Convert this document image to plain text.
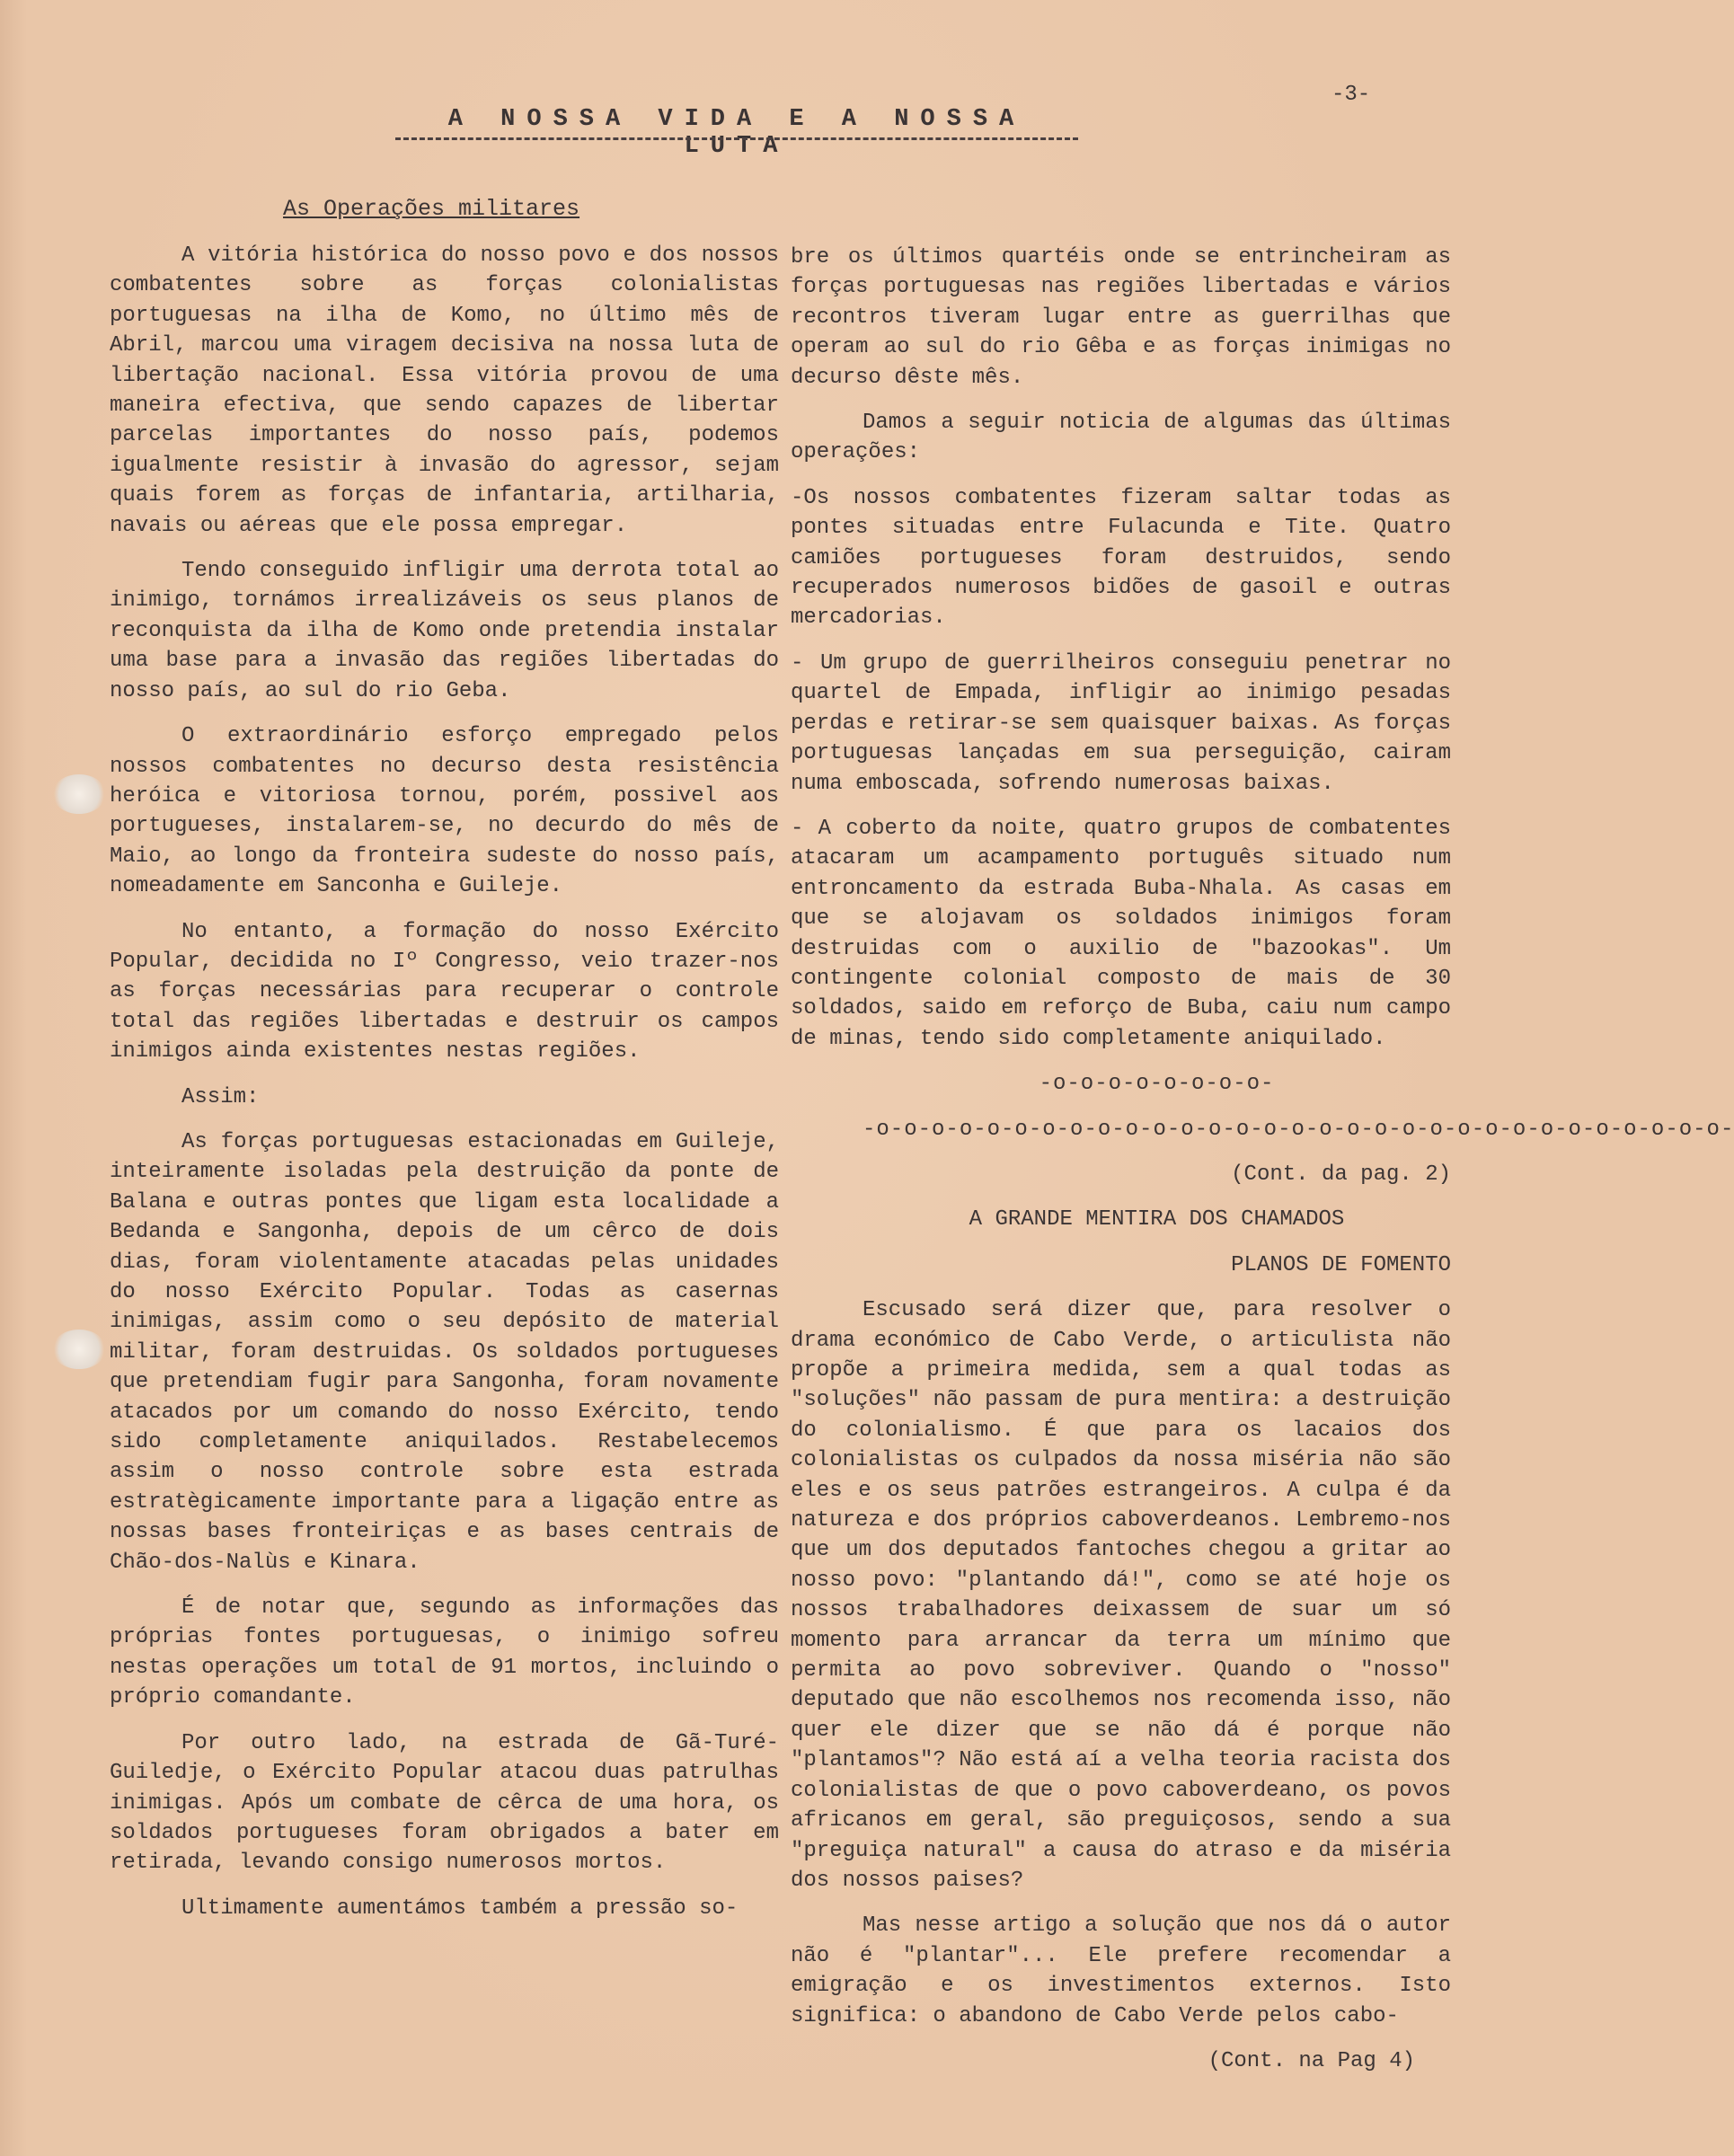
-3-
A NOSSA VIDA E A NOSSA LUTA
As Operações militares

A vitória histórica do nosso povo e dos nossos combatentes sobre as forças colonialistas portuguesas na ilha de Komo, no último mês de Abril, marcou uma viragem decisiva na nossa luta de libertação nacional. Essa vitória provou de uma maneira efectiva, que sendo capazes de libertar parcelas importantes do nosso país, podemos igualmente resistir à invasão do agressor, sejam quais forem as forças de infantaria, artilharia, navais ou aéreas que ele possa empregar.

Tendo conseguido infligir uma derrota total ao inimigo, tornámos irrealizáveis os seus planos de reconquista da ilha de Komo onde pretendia instalar uma base para a invasão das regiões libertadas do nosso país, ao sul do rio Geba.

O extraordinário esforço empregado pelos nossos combatentes no decurso desta resistência heróica e vitoriosa tornou, porém, possivel aos portugueses, instalarem-se, no decurdo do mês de Maio, ao longo da fronteira sudeste do nosso país, nomeadamente em Sanconha e Guileje.

No entanto, a formação do nosso Exército Popular, decidida no Iº Congresso, veio trazer-nos as forças necessárias para recuperar o controle total das regiões libertadas e destruir os campos inimigos ainda existentes nestas regiões.

Assim:

As forças portuguesas estacionadas em Guileje, inteiramente isoladas pela destruição da ponte de Balana e outras pontes que ligam esta localidade a Bedanda e Sangonha, depois de um cêrco de dois dias, foram violentamente atacadas pelas unidades do nosso Exército Popular. Todas as casernas inimigas, assim como o seu depósito de material militar, foram destruidas. Os soldados portugueses que pretendiam fugir para Sangonha, foram novamente atacados por um comando do nosso Exército, tendo sido completamente aniquilados. Restabelecemos assim o nosso controle sobre esta estrada estratègicamente importante para a ligação entre as nossas bases fronteiriças e as bases centrais de Chão-dos-Nalùs e Kinara.

É de notar que, segundo as informações das próprias fontes portuguesas, o inimigo sofreu nestas operações um total de 91 mortos, incluindo o próprio comandante.

Por outro lado, na estrada de Gã-Turé-Guiledje, o Exército Popular atacou duas patrulhas inimigas. Após um combate de cêrca de uma hora, os soldados portugueses foram obrigados a bater em retirada, levando consigo numerosos mortos.

Ultimamente aumentámos também a pressão so-

bre os últimos quartéis onde se entrincheiram as forças portuguesas nas regiões libertadas e vários recontros tiveram lugar entre as guerrilhas que operam ao sul do rio Gêba e as forças inimigas no decurso dêste mês.

Damos a seguir noticia de algumas das últimas operações:

-Os nossos combatentes fizeram saltar todas as pontes situadas entre Fulacunda e Tite. Quatro camiões portugueses foram destruidos, sendo recuperados numerosos bidões de gasoil e outras mercadorias.

- Um grupo de guerrilheiros conseguiu penetrar no quartel de Empada, infligir ao inimigo pesadas perdas e retirar-se sem quaisquer baixas. As forças portuguesas lançadas em sua perseguição, cairam numa emboscada, sofrendo numerosas baixas.

- A coberto da noite, quatro grupos de combatentes atacaram um acampamento português situado num entroncamento da estrada Buba-Nhala. As casas em que se alojavam os soldados inimigos foram destruidas com o auxilio de "bazookas". Um contingente colonial composto de mais de 30 soldados, saido em reforço de Buba, caiu num campo de minas, tendo sido completamente aniquilado.

-o-o-o-o-o-o-o-o-

-o-o-o-o-o-o-o-o-o-o-o-o-o-o-o-o-o-o-o-o-o-o-o-o-o-o-o-o-o-o-o-

(Cont. da pag. 2)

A GRANDE MENTIRA DOS CHAMADOS

PLANOS DE FOMENTO

Escusado será dizer que, para resolver o drama económico de Cabo Verde, o articulista não propõe a primeira medida, sem a qual todas as "soluções" não passam de pura mentira: a destruição do colonialismo. É que para os lacaios dos colonialistas os culpados da nossa miséria não são eles e os seus patrões estrangeiros. A culpa é da natureza e dos próprios caboverdeanos. Lembremo-nos que um dos deputados fantoches chegou a gritar ao nosso povo: "plantando dá!", como se até hoje os nossos trabalhadores deixassem de suar um só momento para arrancar da terra um mínimo que permita ao povo sobreviver. Quando o "nosso" deputado que não escolhemos nos recomenda isso, não quer ele dizer que se não dá é porque não "plantamos"? Não está aí a velha teoria racista dos colonialistas de que o povo caboverdeano, os povos africanos em geral, são preguiçosos, sendo a sua "preguiça natural" a causa do atraso e da miséria dos nossos paises?

Mas nesse artigo a solução que nos dá o autor não é "plantar"... Ele prefere recomendar a emigração e os investimentos externos. Isto significa: o abandono de Cabo Verde pelos cabo-

(Cont. na Pag 4)
